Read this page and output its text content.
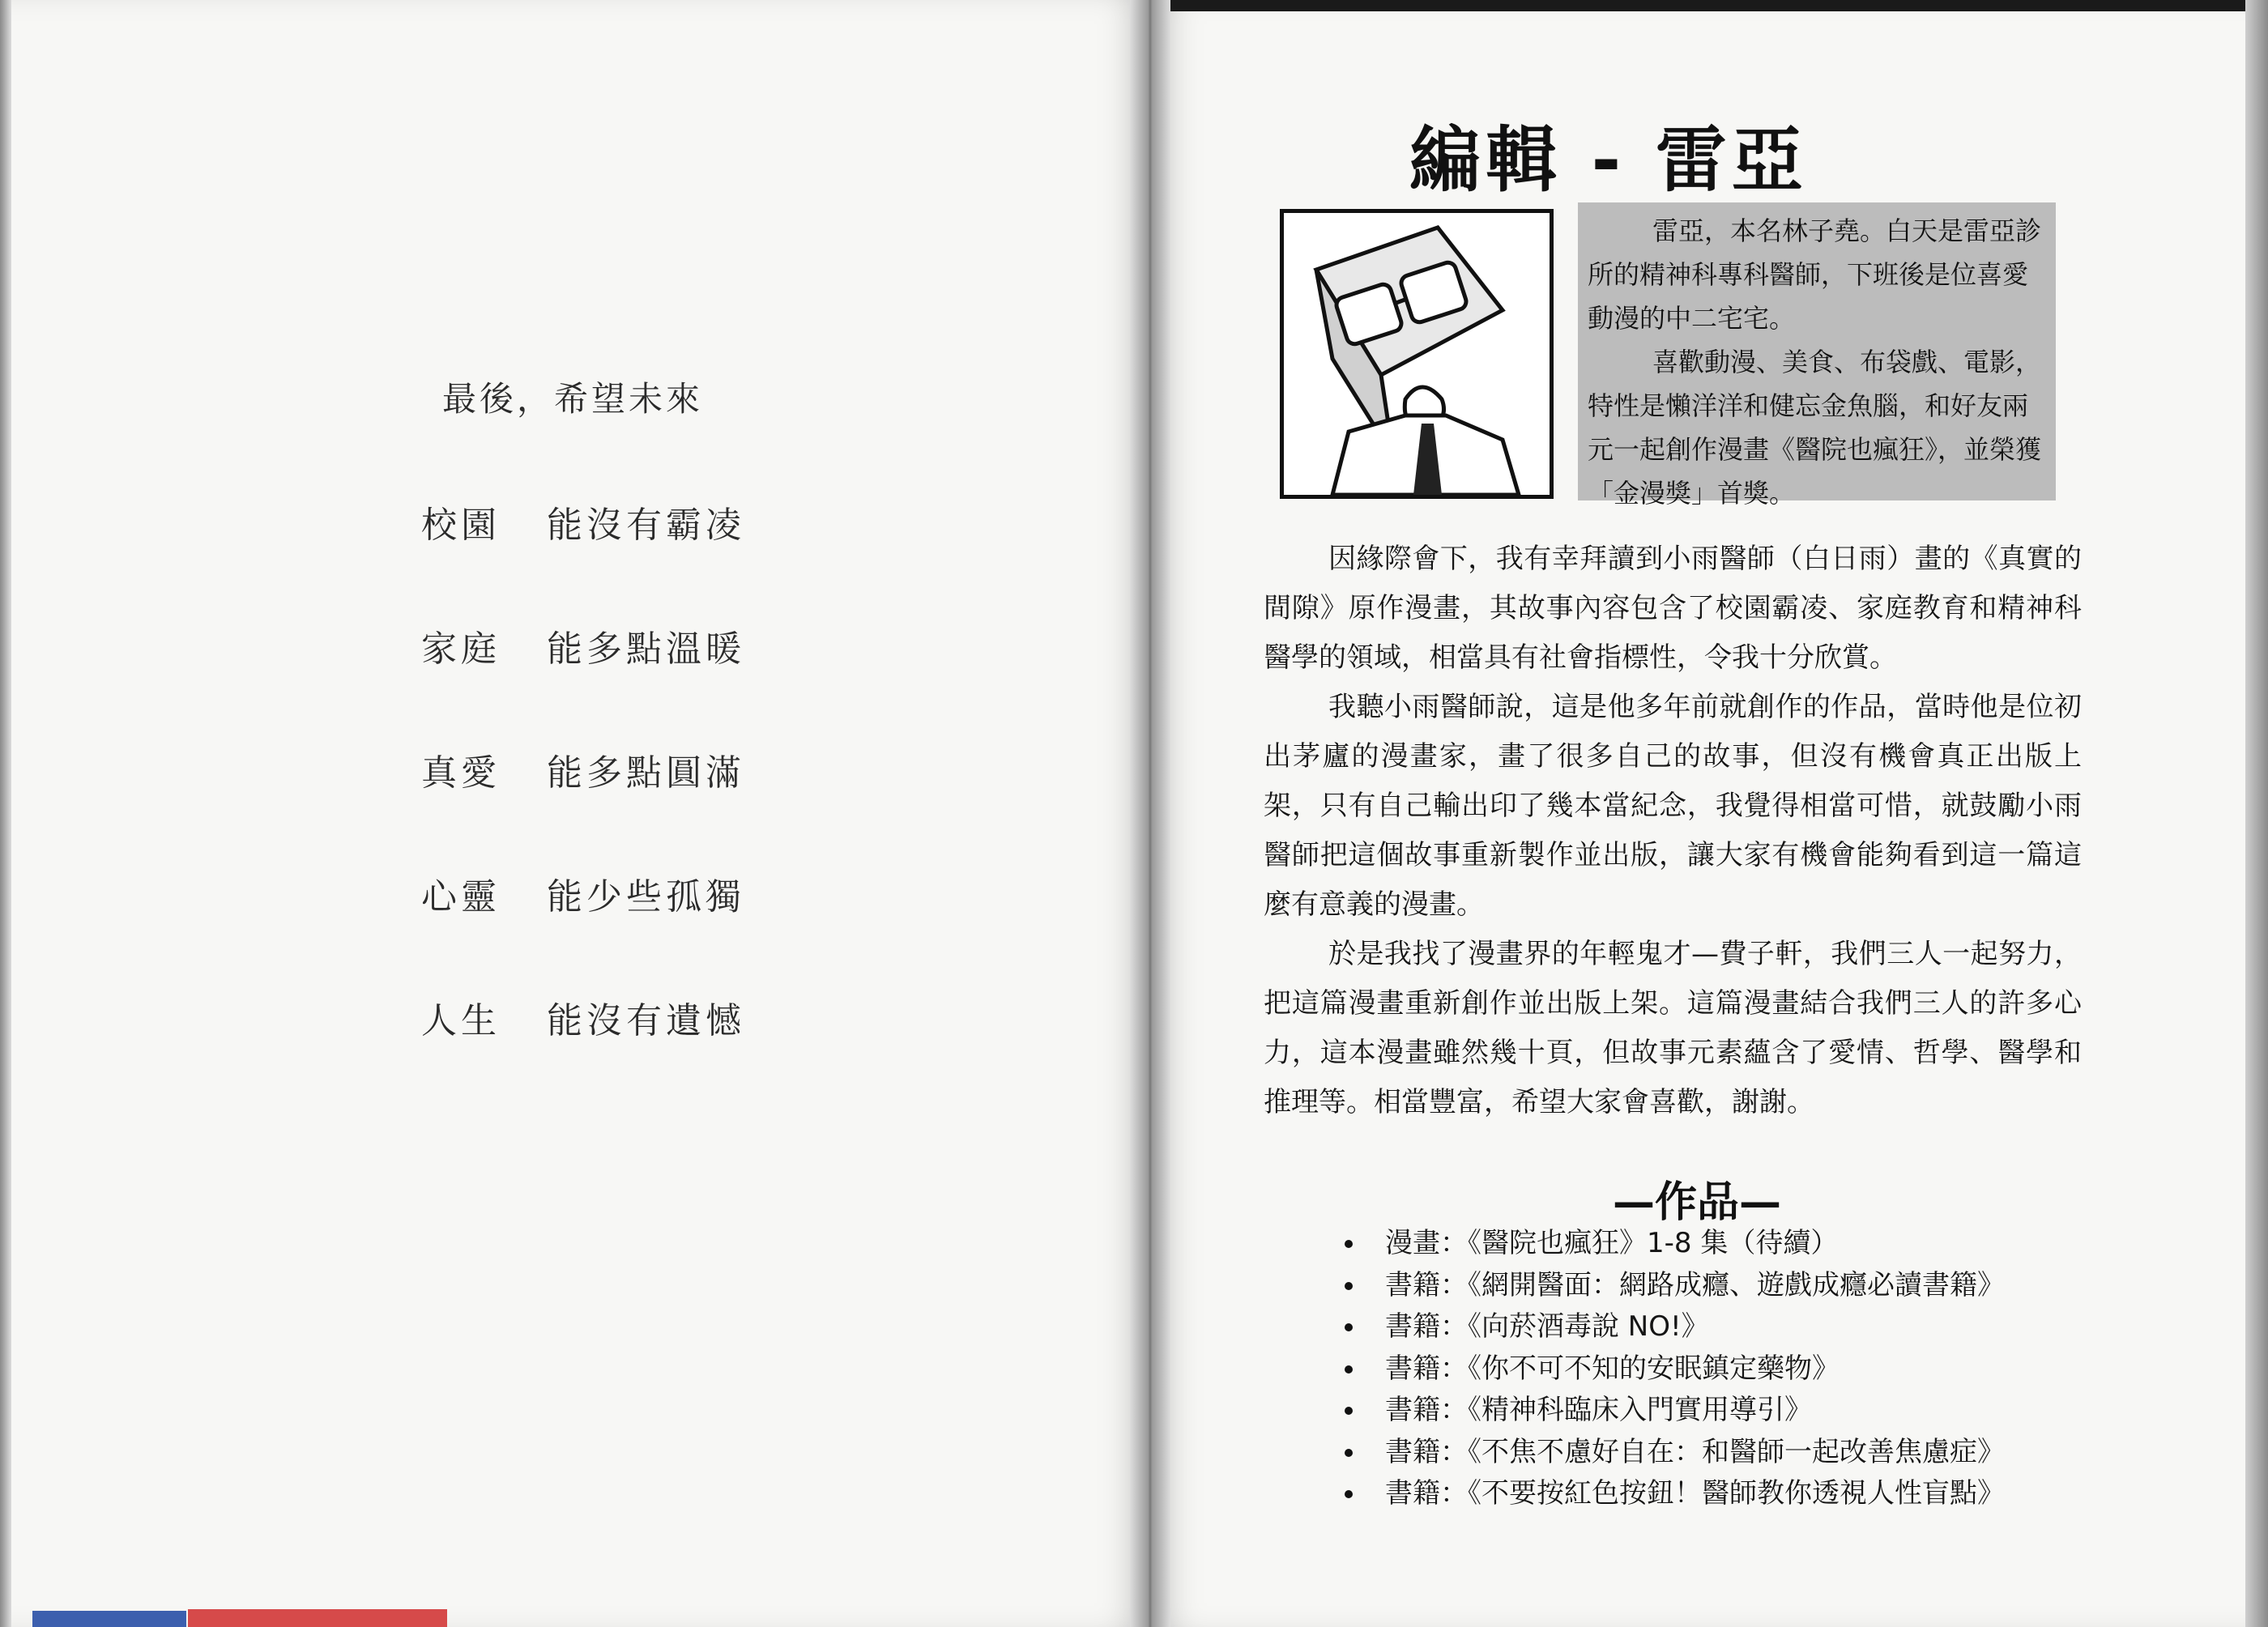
最後，希望未來
校園 能沒有霸凌
家庭 能多點溫暖
真愛 能多點圓滿
心靈 能少些孤獨
人生 能沒有遺憾
編輯 - 雷亞

雷亞，本名林子堯。白天是雷亞診所的精神科專科醫師，下班後是位喜愛動漫的中二宅宅。

喜歡動漫、美食、布袋戲、電影，特性是懶洋洋和健忘金魚腦，和好友兩元一起創作漫畫《醫院也瘋狂》，並榮獲「金漫獎」首獎。

因緣際會下，我有幸拜讀到小雨醫師（白日雨）畫的《真實的間隙》原作漫畫，其故事內容包含了校園霸凌、家庭教育和精神科醫學的領域，相當具有社會指標性，令我十分欣賞。

我聽小雨醫師說，這是他多年前就創作的作品，當時他是位初出茅廬的漫畫家，畫了很多自己的故事，但沒有機會真正出版上架，只有自己輸出印了幾本當紀念，我覺得相當可惜，就鼓勵小雨醫師把這個故事重新製作並出版，讓大家有機會能夠看到這一篇這麼有意義的漫畫。

於是我找了漫畫界的年輕鬼才—費子軒，我們三人一起努力，把這篇漫畫重新創作並出版上架。這篇漫畫結合我們三人的許多心力，這本漫畫雖然幾十頁，但故事元素蘊含了愛情、哲學、醫學和推理等。相當豐富，希望大家會喜歡，謝謝。

—作品—
漫畫：《醫院也瘋狂》1-8 集（待續）
書籍：《網開醫面：網路成癮、遊戲成癮必讀書籍》
書籍：《向菸酒毒說 NO!》
書籍：《你不可不知的安眠鎮定藥物》
書籍：《精神科臨床入門實用導引》
書籍：《不焦不慮好自在：和醫師一起改善焦慮症》
書籍：《不要按紅色按鈕！醫師教你透視人性盲點》
